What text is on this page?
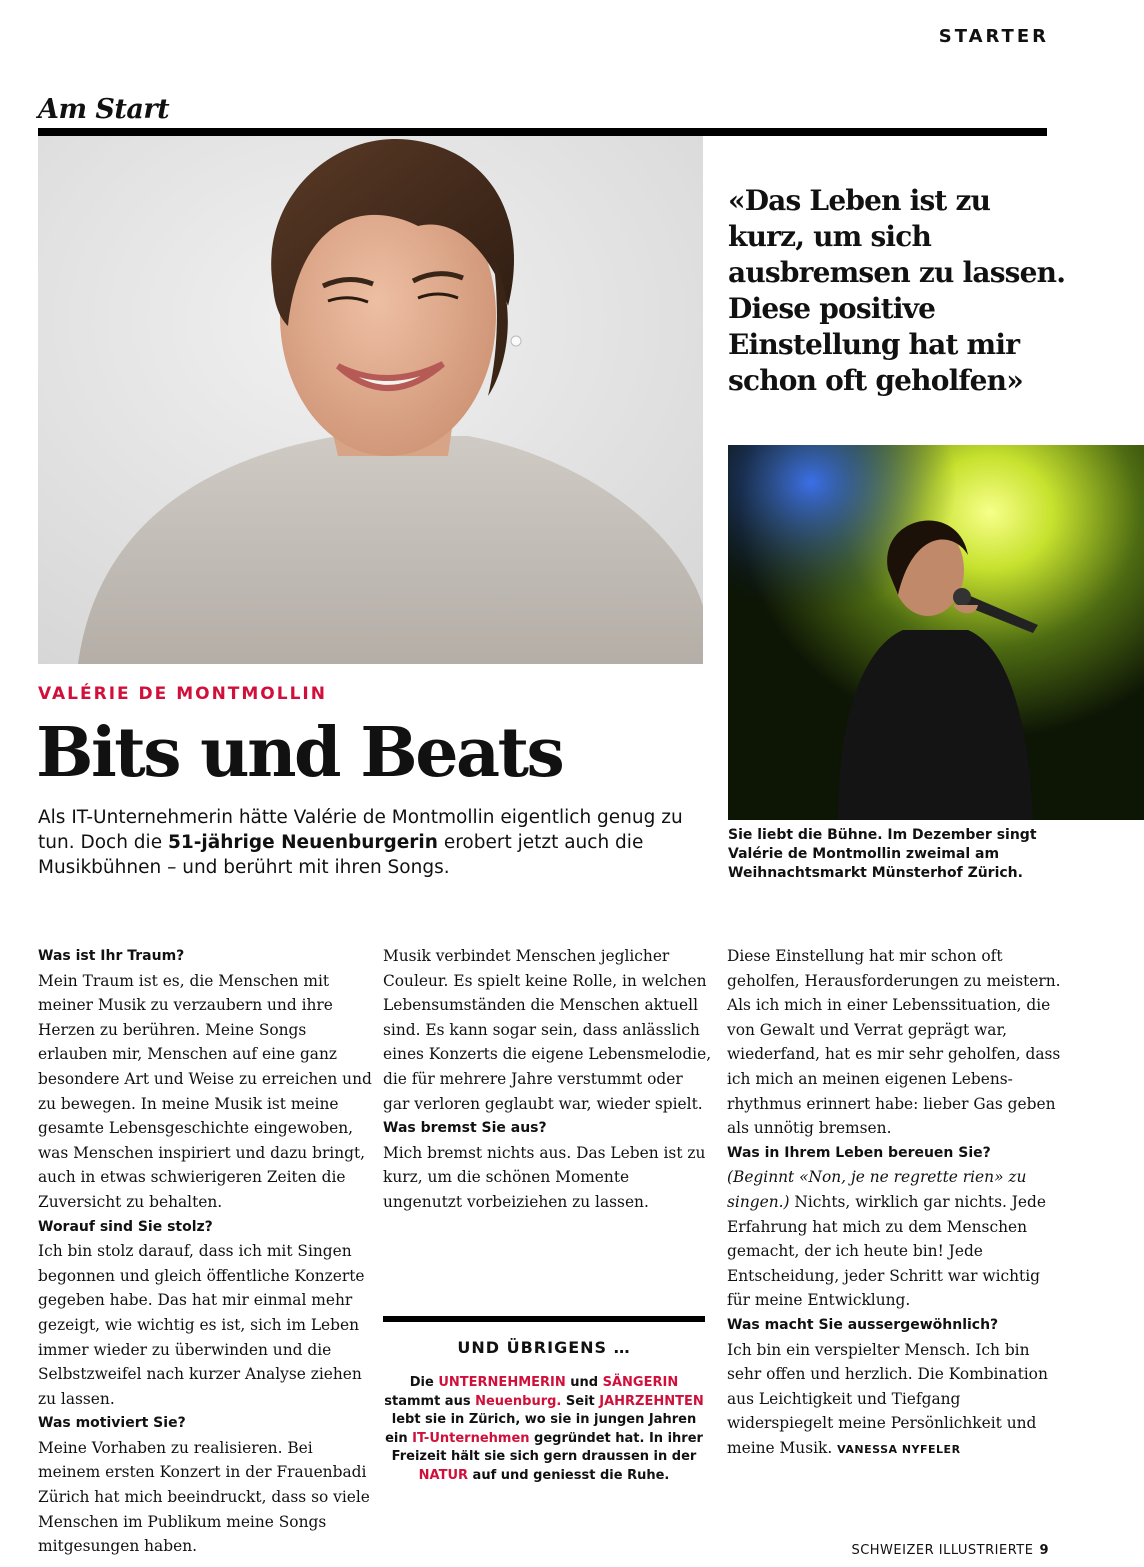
STARTER
Am Start
«Das Leben ist zu kurz, um sich ausbremsen zu lassen. Diese positive Einstellung hat mir schon oft geholfen»
Sie liebt die Bühne. Im Dezember singt Valérie de Montmollin zweimal am Weihnachtsmarkt Münsterhof Zürich.
VALÉRIE DE MONTMOLLIN
Bits und Beats
Als IT-Unternehmerin hätte Valérie de Montmollin eigentlich genug zu tun. Doch die 51-jährige Neuenburgerin erobert jetzt auch die Musikbühnen – und berührt mit ihren Songs.
Was ist Ihr Traum?

Mein Traum ist es, die Menschen mit meiner Musik zu verzaubern und ihre Herzen zu berühren. Meine Songs erlauben mir, Menschen auf eine ganz besondere Art und Weise zu erreichen und zu bewegen. In meine Musik ist meine gesamte Lebensgeschichte eingewoben, was Menschen inspiriert und dazu bringt, auch in etwas schwierigeren Zeiten die Zuversicht zu behalten.

Worauf sind Sie stolz?

Ich bin stolz darauf, dass ich mit Singen begonnen und gleich öffentliche Konzerte gegeben habe. Das hat mir einmal mehr gezeigt, wie wichtig es ist, sich im Leben immer wieder zu überwinden und die Selbstzweifel nach kurzer Analyse ziehen zu lassen.

Was motiviert Sie?

Meine Vorhaben zu realisieren. Bei meinem ersten Konzert in der Frauenbadi Zürich hat mich beeindruckt, dass so viele Menschen im Publikum meine Songs mitgesungen haben.

Musik verbindet Menschen jeglicher Couleur. Es spielt keine Rolle, in welchen Lebensumständen die Menschen aktuell sind. Es kann sogar sein, dass anlässlich eines Konzerts die eigene Lebensmelodie, die für mehrere Jahre verstummt oder gar verloren geglaubt war, wieder spielt.

Was bremst Sie aus?

Mich bremst nichts aus. Das Leben ist zu kurz, um die schönen Momente ungenutzt vorbeiziehen zu lassen.

Diese Einstellung hat mir schon oft geholfen, Herausforderungen zu meistern. Als ich mich in einer Lebenssituation, die von Gewalt und Verrat geprägt war, wiederfand, hat es mir sehr geholfen, dass ich mich an meinen eigenen Lebensrhythmus erinnert habe: lieber Gas geben als unnötig bremsen.

Was in Ihrem Leben bereuen Sie?

(Beginnt «Non, je ne regrette rien» zu singen.) Nichts, wirklich gar nichts. Jede Erfahrung hat mich zu dem Menschen gemacht, der ich heute bin! Jede Entscheidung, jeder Schritt war wichtig für meine Entwicklung.

Was macht Sie aussergewöhnlich?

Ich bin ein verspielter Mensch. Ich bin sehr offen und herzlich. Die Kombination aus Leichtigkeit und Tiefgang widerspiegelt meine Persönlichkeit und meine Musik. VANESSA NYFELER

UND ÜBRIGENS …
Die UNTERNEHMERIN und SÄNGERIN stammt aus Neuenburg. Seit JAHRZEHNTEN lebt sie in Zürich, wo sie in jungen Jahren ein IT-Unternehmen gegründet hat. In ihrer Freizeit hält sie sich gern draussen in der NATUR auf und geniesst die Ruhe.
SCHWEIZER ILLUSTRIERTE 9
